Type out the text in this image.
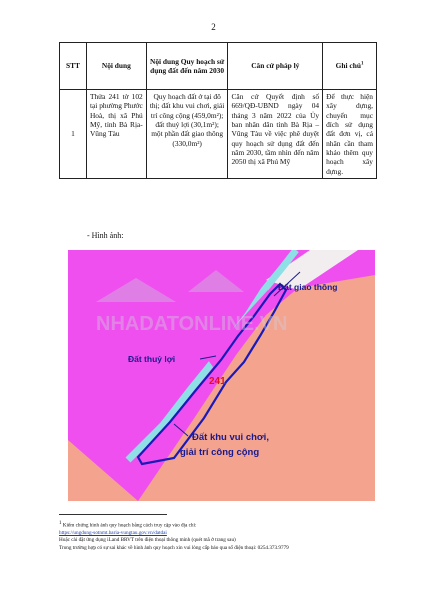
2
STT	Nội dung	Nội dung Quy hoạch sử dụng đất đến năm 2030	Căn cứ pháp lý	Ghi chú$^1$
1	Thửa 241 tờ 102 tại phường Phước Hoà, thị xã Phú Mỹ, tỉnh Bà Rịa-Vũng Tàu	Quy hoạch đất ở tại đô thị; đất khu vui chơi, giải trí công cộng (459,0m²); đất thuỷ lợi (30,1m²); một phần đất giao thông (330,0m²)	Căn cứ Quyết định số 669/QĐ-UBND ngày 04 tháng 3 năm 2022 của Ủy ban nhân dân tỉnh Bà Rịa – Vũng Tàu về việc phê duyệt quy hoạch sử dụng đất đến năm 2030, tầm nhìn đến năm 2050 thị xã Phú Mỹ	Để thực hiện xây dựng, chuyển mục đích sử dụng đất đơn vị, cá nhân cần tham khảo thêm quy hoạch xây dựng.
- Hình ảnh:
NHADATONLINE.VN
Đất giao thông
Đất thuỷ lợi
241
Đất khu vui chơi,
giải trí công cộng
$^1$ Kiểm chứng hình ảnh quy hoạch bằng cách truy cập vào địa chỉ:
https://ungdung-sotnmt.baria-vungtau.gov.vn/datdai
Hoặc cài đặt ứng dụng iLand BRVT trên điện thoại thông minh (quét mã ở trang sau)
Trong trường hợp có sự sai khác về hình ảnh quy hoạch xin vui lòng cấp báo qua số điện thoại: 0254.373.9779
